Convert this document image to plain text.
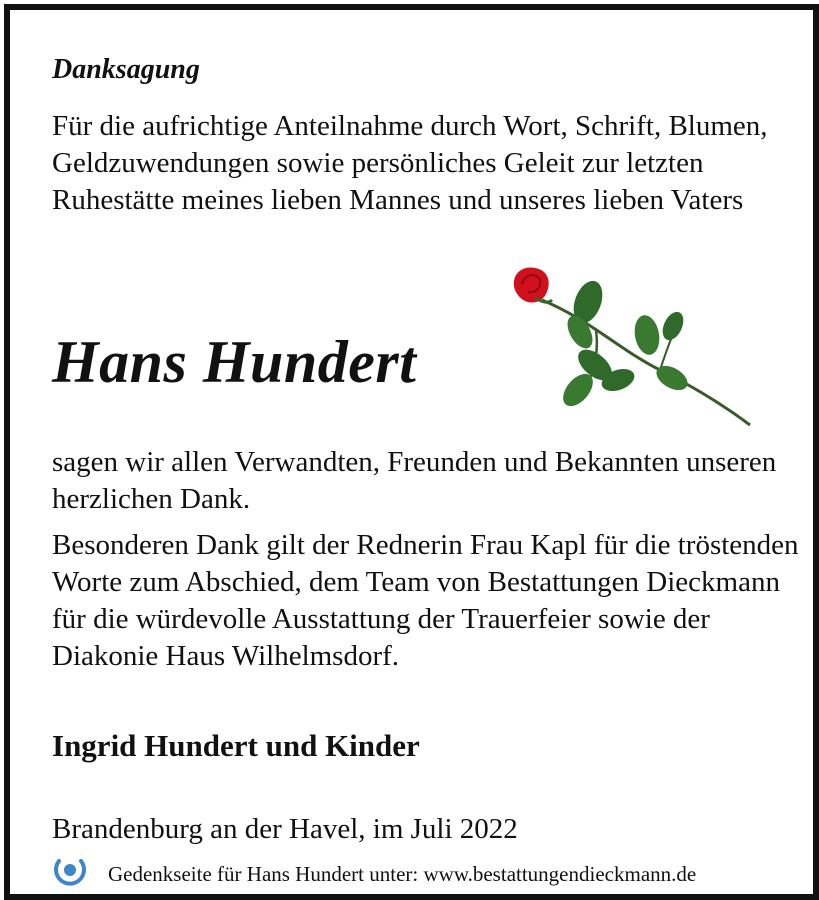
Danksagung
Für die aufrichtige Anteilnahme durch Wort, Schrift, Blumen, Geldzuwendungen sowie persönliches Geleit zur letzten Ruhestätte meines lieben Mannes und unseres lieben Vaters
Hans Hundert
sagen wir allen Verwandten, Freunden und Bekannten unseren herzlichen Dank.
Besonderen Dank gilt der Rednerin Frau Kapl für die tröstenden Worte zum Abschied, dem Team von Bestattungen Dieckmann für die würdevolle Ausstattung der Trauerfeier sowie der Diakonie Haus Wilhelmsdorf.
Ingrid Hundert und Kinder
Brandenburg an der Havel, im Juli 2022
Gedenkseite für Hans Hundert unter: www.bestattungendieckmann.de
